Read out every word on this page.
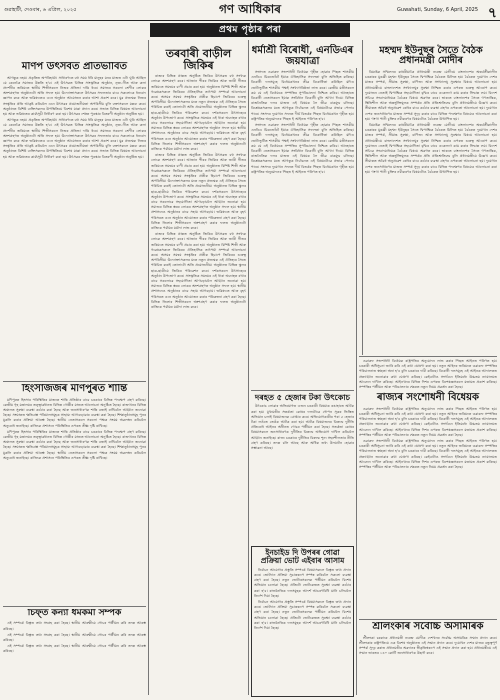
গুৱাহাটী, দেওবাৰ, ৬ এপ্ৰিল, ২০২৫	গণ আধিকাৰ	Guwahati, Sunday, 6 April, 2025 ৭
প্ৰথম পৃষ্ঠাৰ পৰা
মণিপ উৎসবত প্ৰতিভাবিত

আগন্তুক নহয়। প্ৰকৃতিত অপৰিহাৰ্য্য। সাধাৰণতে বহু সময় ধৰি মানুহৰ মনৰ মাজত এটা ঘূৰি আছিল যে কেনেকৈ সমাজৰ উন্নতি হ'ব। এই উৎসৱত বিভিন্ন সাংস্কৃতিক অনুষ্ঠান, নৃত্য-গীত আৰু কলা প্ৰদৰ্শনীৰ জৰিয়তে স্থানীয় শিল্পীসকলে নিজৰ প্ৰতিভা দাঙি ধৰে। সমাজৰ সকলো শ্ৰেণীৰ লোকৰ অংশগ্ৰহণত অনুষ্ঠানটো অতি সফল হয়। উদ্যোক্তাসকলে উৎসৱৰ সফলতাৰ বাবে সকলোকে ধন্যবাদ জ্ঞাপন কৰে আৰু ভৱিষ্যতেও এনে অনুষ্ঠান আয়োজন কৰাৰ আশা প্ৰকাশ কৰে। যুৱ প্ৰজন্মক নিজৰ সংস্কৃতিৰ প্ৰতি আকৃষ্ট কৰিবলৈ এনে উৎসৱৰ প্ৰয়োজনীয়তা অপৰিসীম বুলি বক্তাসকলে মন্তব্য কৰে। অনুষ্ঠানত বিশিষ্ট ব্যক্তিসকলৰ উপস্থিতিয়ে বিশেষ মাত্ৰা প্ৰদান কৰে। সভাত বিভিন্ন বিষয়ত আলোচনা হয় আৰু ভৱিষ্যতৰ কাৰ্য্যসূচী নিৰ্ধাৰণ কৰা হয়। উৎসৱৰ শেষত পুৰস্কাৰ বিতৰণী অনুষ্ঠান অনুষ্ঠিত হয়।

আগন্তুক নহয়। প্ৰকৃতিত অপৰিহাৰ্য্য। সাধাৰণতে বহু সময় ধৰি মানুহৰ মনৰ মাজত এটা ঘূৰি আছিল যে কেনেকৈ সমাজৰ উন্নতি হ'ব। এই উৎসৱত বিভিন্ন সাংস্কৃতিক অনুষ্ঠান, নৃত্য-গীত আৰু কলা প্ৰদৰ্শনীৰ জৰিয়তে স্থানীয় শিল্পীসকলে নিজৰ প্ৰতিভা দাঙি ধৰে। সমাজৰ সকলো শ্ৰেণীৰ লোকৰ অংশগ্ৰহণত অনুষ্ঠানটো অতি সফল হয়। উদ্যোক্তাসকলে উৎসৱৰ সফলতাৰ বাবে সকলোকে ধন্যবাদ জ্ঞাপন কৰে আৰু ভৱিষ্যতেও এনে অনুষ্ঠান আয়োজন কৰাৰ আশা প্ৰকাশ কৰে। যুৱ প্ৰজন্মক নিজৰ সংস্কৃতিৰ প্ৰতি আকৃষ্ট কৰিবলৈ এনে উৎসৱৰ প্ৰয়োজনীয়তা অপৰিসীম বুলি বক্তাসকলে মন্তব্য কৰে। অনুষ্ঠানত বিশিষ্ট ব্যক্তিসকলৰ উপস্থিতিয়ে বিশেষ মাত্ৰা প্ৰদান কৰে। সভাত বিভিন্ন বিষয়ত আলোচনা হয় আৰু ভৱিষ্যতৰ কাৰ্য্যসূচী নিৰ্ধাৰণ কৰা হয়। উৎসৱৰ শেষত পুৰস্কাৰ বিতৰণী অনুষ্ঠান অনুষ্ঠিত হয়।

হিংসাজৰ্জৰ মণিপুৰত শান্তি

মণিপুৰত হিংসাৰ পৰিস্থিতিৰ মাজতে শান্তি প্ৰতিষ্ঠাৰ বাবে চৰকাৰে বিভিন্ন পদক্ষেপ গ্ৰহণ কৰিছে। কেন্দ্ৰীয় গৃহ মন্ত্ৰালয়ৰ তত্ত্বাৱধানত বিভিন্ন গোষ্ঠীৰ মাজত আলোচনা অনুষ্ঠিত হৈছে। ৰাজ্যখনৰ বিভিন্ন অঞ্চলত সুৰক্ষা ব্যৱস্থা কঠোৰ কৰা হৈছে আৰু জনসাধাৰণক শান্তি বজাই ৰাখিবলৈ আহ্বান জনোৱা হৈছে। সংঘাতত ক্ষতিগ্ৰস্ত পৰিয়ালসমূহক সাহায্য আগবঢ়োৱাৰ ব্যৱস্থা কৰা হৈছে। শিক্ষানুষ্ঠানসমূহ পুনৰ মুকলি কৰাৰ প্ৰক্ৰিয়া আৰম্ভ হৈছে। স্থানীয় নেতাসকলে সকলো পক্ষক সংযম অৱলম্বন কৰিবলৈ অনুৰোধ জনাইছে। ৰাজ্যিক প্ৰশাসনে পৰিস্থিতিৰ ওপৰত তীক্ষ্ণ দৃষ্টি ৰাখিছে।

মণিপুৰত হিংসাৰ পৰিস্থিতিৰ মাজতে শান্তি প্ৰতিষ্ঠাৰ বাবে চৰকাৰে বিভিন্ন পদক্ষেপ গ্ৰহণ কৰিছে। কেন্দ্ৰীয় গৃহ মন্ত্ৰালয়ৰ তত্ত্বাৱধানত বিভিন্ন গোষ্ঠীৰ মাজত আলোচনা অনুষ্ঠিত হৈছে। ৰাজ্যখনৰ বিভিন্ন অঞ্চলত সুৰক্ষা ব্যৱস্থা কঠোৰ কৰা হৈছে আৰু জনসাধাৰণক শান্তি বজাই ৰাখিবলৈ আহ্বান জনোৱা হৈছে। সংঘাতত ক্ষতিগ্ৰস্ত পৰিয়ালসমূহক সাহায্য আগবঢ়োৱাৰ ব্যৱস্থা কৰা হৈছে। শিক্ষানুষ্ঠানসমূহ পুনৰ মুকলি কৰাৰ প্ৰক্ৰিয়া আৰম্ভ হৈছে। স্থানীয় নেতাসকলে সকলো পক্ষক সংযম অৱলম্বন কৰিবলৈ অনুৰোধ জনাইছে। ৰাজ্যিক প্ৰশাসনে পৰিস্থিতিৰ ওপৰত তীক্ষ্ণ দৃষ্টি ৰাখিছে।

চিফ্‌ত কন্যা ধৰ্মকৰ্মী সম্পৰ্ক

এই সম্পৰ্কে বিস্তৃত তথ্য সংগ্ৰহ কৰা হৈছে। স্থানীয় আৰক্ষীয়ে গোচৰ পঞ্জীয়ন কৰি তদন্ত আৰম্ভ কৰিছে।

এই সম্পৰ্কে বিস্তৃত তথ্য সংগ্ৰহ কৰা হৈছে। স্থানীয় আৰক্ষীয়ে গোচৰ পঞ্জীয়ন কৰি তদন্ত আৰম্ভ কৰিছে।

এই সম্পৰ্কে বিস্তৃত তথ্য সংগ্ৰহ কৰা হৈছে। স্থানীয় আৰক্ষীয়ে গোচৰ পঞ্জীয়ন কৰি তদন্ত আৰম্ভ কৰিছে।

তৰবাৰী বাড়ীল জিকিৰ

ৰাজ্যৰ বিভিন্ন প্ৰান্তত অনুষ্ঠিত জিকিৰ উৎসৱত বহু সংখ্যক লোকে অংশগ্ৰহণ কৰে। আজান পীৰৰ জিকিৰ আৰু জাৰী গীতৰ জৰিয়তে সমন্বয়ৰ বাণী প্ৰচাৰ কৰা হয়। অনুষ্ঠানত বিশিষ্ট শিল্পী আৰু গৱেষকসকলে জিকিৰৰ ঐতিহাসিক তাৎপৰ্য্য সম্পৰ্কে আলোচনা কৰে। অসমৰ সমন্বয় সংস্কৃতিৰ প্ৰতীক হিচাপে জিকিৰৰ গুৰুত্ব অপৰিসীম। উদ্যোক্তাসকলৰ মতে নতুন প্ৰজন্মক এই ঐতিহ্যৰ সৈতে পৰিচিত কৰাই তোলাটো অতি প্ৰয়োজনীয়। অনুষ্ঠানত বিভিন্ন স্কুলৰ ছাত্ৰ-ছাত্ৰীয়ে জিকিৰ পৰিৱেশন কৰে। দৰ্শকসকলে উৎসাহেৰে অনুষ্ঠান উপভোগ কৰে। সাংস্কৃতিক সমন্বয়ৰ এই ধাৰা অব্যাহত ৰখাৰ বাবে সকলোৱে সহযোগিতা আগবঢ়াবলৈ আহ্বান জনোৱা হয়। সমাজৰ বিভিন্ন স্তৰৰ লোকৰ অংশগ্ৰহণত অনুষ্ঠান সফল হয়। স্থানীয় প্ৰশাসনেও অনুষ্ঠানৰ বাবে সহায় আগবঢ়ায়। ভৱিষ্যতে আৰু বৃহৎ পৰিসৰত এনে অনুষ্ঠান আয়োজন কৰাৰ পৰিকল্পনা গ্ৰহণ কৰা হৈছে। বিভিন্ন জিলাৰ শিল্পীসকলে অংশগ্ৰহণ কৰাৰ ফলত অনুষ্ঠানটো ৰাজ্যিক পৰ্যায়ৰ মৰ্যাদা লাভ কৰে।

ৰাজ্যৰ বিভিন্ন প্ৰান্তত অনুষ্ঠিত জিকিৰ উৎসৱত বহু সংখ্যক লোকে অংশগ্ৰহণ কৰে। আজান পীৰৰ জিকিৰ আৰু জাৰী গীতৰ জৰিয়তে সমন্বয়ৰ বাণী প্ৰচাৰ কৰা হয়। অনুষ্ঠানত বিশিষ্ট শিল্পী আৰু গৱেষকসকলে জিকিৰৰ ঐতিহাসিক তাৎপৰ্য্য সম্পৰ্কে আলোচনা কৰে। অসমৰ সমন্বয় সংস্কৃতিৰ প্ৰতীক হিচাপে জিকিৰৰ গুৰুত্ব অপৰিসীম। উদ্যোক্তাসকলৰ মতে নতুন প্ৰজন্মক এই ঐতিহ্যৰ সৈতে পৰিচিত কৰাই তোলাটো অতি প্ৰয়োজনীয়। অনুষ্ঠানত বিভিন্ন স্কুলৰ ছাত্ৰ-ছাত্ৰীয়ে জিকিৰ পৰিৱেশন কৰে। দৰ্শকসকলে উৎসাহেৰে অনুষ্ঠান উপভোগ কৰে। সাংস্কৃতিক সমন্বয়ৰ এই ধাৰা অব্যাহত ৰখাৰ বাবে সকলোৱে সহযোগিতা আগবঢ়াবলৈ আহ্বান জনোৱা হয়। সমাজৰ বিভিন্ন স্তৰৰ লোকৰ অংশগ্ৰহণত অনুষ্ঠান সফল হয়। স্থানীয় প্ৰশাসনেও অনুষ্ঠানৰ বাবে সহায় আগবঢ়ায়। ভৱিষ্যতে আৰু বৃহৎ পৰিসৰত এনে অনুষ্ঠান আয়োজন কৰাৰ পৰিকল্পনা গ্ৰহণ কৰা হৈছে। বিভিন্ন জিলাৰ শিল্পীসকলে অংশগ্ৰহণ কৰাৰ ফলত অনুষ্ঠানটো ৰাজ্যিক পৰ্যায়ৰ মৰ্যাদা লাভ কৰে।

ৰাজ্যৰ বিভিন্ন প্ৰান্তত অনুষ্ঠিত জিকিৰ উৎসৱত বহু সংখ্যক লোকে অংশগ্ৰহণ কৰে। আজান পীৰৰ জিকিৰ আৰু জাৰী গীতৰ জৰিয়তে সমন্বয়ৰ বাণী প্ৰচাৰ কৰা হয়। অনুষ্ঠানত বিশিষ্ট শিল্পী আৰু গৱেষকসকলে জিকিৰৰ ঐতিহাসিক তাৎপৰ্য্য সম্পৰ্কে আলোচনা কৰে। অসমৰ সমন্বয় সংস্কৃতিৰ প্ৰতীক হিচাপে জিকিৰৰ গুৰুত্ব অপৰিসীম। উদ্যোক্তাসকলৰ মতে নতুন প্ৰজন্মক এই ঐতিহ্যৰ সৈতে পৰিচিত কৰাই তোলাটো অতি প্ৰয়োজনীয়। অনুষ্ঠানত বিভিন্ন স্কুলৰ ছাত্ৰ-ছাত্ৰীয়ে জিকিৰ পৰিৱেশন কৰে। দৰ্শকসকলে উৎসাহেৰে অনুষ্ঠান উপভোগ কৰে। সাংস্কৃতিক সমন্বয়ৰ এই ধাৰা অব্যাহত ৰখাৰ বাবে সকলোৱে সহযোগিতা আগবঢ়াবলৈ আহ্বান জনোৱা হয়। সমাজৰ বিভিন্ন স্তৰৰ লোকৰ অংশগ্ৰহণত অনুষ্ঠান সফল হয়। স্থানীয় প্ৰশাসনেও অনুষ্ঠানৰ বাবে সহায় আগবঢ়ায়। ভৱিষ্যতে আৰু বৃহৎ পৰিসৰত এনে অনুষ্ঠান আয়োজন কৰাৰ পৰিকল্পনা গ্ৰহণ কৰা হৈছে। বিভিন্ন জিলাৰ শিল্পীসকলে অংশগ্ৰহণ কৰাৰ ফলত অনুষ্ঠানটো ৰাজ্যিক পৰ্যায়ৰ মৰ্যাদা লাভ কৰে।

ধৰ্মাশ্ৰী বিৰোধী, এনডিএৰ জয়যাত্ৰা

সংসদত ওৱাকফ সংশোধনী বিধেয়ক গৃহীত হোৱাৰ পিছত শাসকীয় এনডিএ মিত্ৰজোঁটে ইয়াক ঐতিহাসিক সফলতা বুলি অভিহিত কৰিছে। বিৰোধী দলসমূহে বিধেয়কখনৰ তীব্ৰ বিৰোধিতা কৰিছিল যদিও ভোটাভুটিত শাসকীয় পক্ষই সংখ্যাগৰিষ্ঠতা লাভ কৰে। কেন্দ্ৰীয় মন্ত্ৰীসকলে কয় যে এই বিধেয়কে সম্পত্তিৰ সুপৰিচালনা নিশ্চিত কৰিব। আনহাতে বিৰোধী নেতাসকলে ইয়াক সংবিধান বিৰোধী বুলি আখ্যা দিয়ে। বিভিন্ন ৰাজনৈতিক দলৰ মাজত এই বিষয়ক লৈ তীব্ৰ বাকযুদ্ধ চলিছে। বিশ্লেষকসকলৰ মতে আগন্তুক নিৰ্বাচনত এই বিষয়টোৱে প্ৰভাৱ পেলাব পাৰে। সংসদৰ দুয়োখন সদনত দীৰ্ঘ বিতৰ্কৰ পিছত বিধেয়কখন গৃহীত হয়। ৰাষ্ট্ৰপতিৰ অনুমোদনৰ পিছত ই আইনত পৰিণত হ'ব।

সংসদত ওৱাকফ সংশোধনী বিধেয়ক গৃহীত হোৱাৰ পিছত শাসকীয় এনডিএ মিত্ৰজোঁটে ইয়াক ঐতিহাসিক সফলতা বুলি অভিহিত কৰিছে। বিৰোধী দলসমূহে বিধেয়কখনৰ তীব্ৰ বিৰোধিতা কৰিছিল যদিও ভোটাভুটিত শাসকীয় পক্ষই সংখ্যাগৰিষ্ঠতা লাভ কৰে। কেন্দ্ৰীয় মন্ত্ৰীসকলে কয় যে এই বিধেয়কে সম্পত্তিৰ সুপৰিচালনা নিশ্চিত কৰিব। আনহাতে বিৰোধী নেতাসকলে ইয়াক সংবিধান বিৰোধী বুলি আখ্যা দিয়ে। বিভিন্ন ৰাজনৈতিক দলৰ মাজত এই বিষয়ক লৈ তীব্ৰ বাকযুদ্ধ চলিছে। বিশ্লেষকসকলৰ মতে আগন্তুক নিৰ্বাচনত এই বিষয়টোৱে প্ৰভাৱ পেলাব পাৰে। সংসদৰ দুয়োখন সদনত দীৰ্ঘ বিতৰ্কৰ পিছত বিধেয়কখন গৃহীত হয়। ৰাষ্ট্ৰপতিৰ অনুমোদনৰ পিছত ই আইনত পৰিণত হ'ব।

দৰহত ৫ হেজাৰ টকা উৎকোচ

উৎকোচ লোৱাৰ অভিযোগত এজন চৰকাৰী বিষয়াক ৰঙাহাতে আটক কৰা হয়। মুখ্যমন্ত্ৰীৰ সতৰ্কতা কোষৰ দলটোৱে গোপন সূত্ৰৰ ভিত্তিত অভিযান চলাই বিষয়াজনক গ্ৰেপ্তাৰ কৰে। অভিযোগকাৰীৰ পৰা ৫ হেজাৰ টকা লওঁতে তেওঁক আটক কৰা হয়। আটক বিষয়াজনৰ বিৰুদ্ধে দুৰ্নীতি প্ৰতিৰোধ আইনৰ অধীনত গোচৰ পঞ্জীয়ন কৰা হৈছে। সতৰ্কতা কোষৰ বিষয়াসকলে জনসাধাৰণক দুৰ্নীতিৰ বিৰুদ্ধে অভিযোগ দাখিল কৰিবলৈ আহ্বান জনাইছে। ৰাজ্য চৰকাৰে দুৰ্নীতিৰ বিৰুদ্ধে শূন্য সহনশীলতাৰ নীতি গ্ৰহণ কৰিছে। তদন্ত চলি আছে আৰু অধিক তথ্য উদঘাটন হোৱাৰ সম্ভাৱনা আছে।

ইনচাইড দি উপৰৰ গোৱা প্ৰক্ৰিয়া ভোট এইবাৰ আসাম

নিৰ্বাচন আয়োগৰ প্ৰস্তুতি সম্পৰ্কে বিষয়াসকলে বিস্তৃত তথ্য প্ৰদান কৰে। ভোটদান প্ৰক্ৰিয়া সুচাৰুৰূপে সম্পন্ন কৰিবলৈ সকলো ব্যৱস্থা গ্ৰহণ কৰা হৈছে। নতুন ভোটাৰসকলক পঞ্জীয়ন কৰিবলৈ বিশেষ অভিযান চলোৱা হৈছে। প্ৰতিটো ভোটকেন্দ্ৰত সুৰক্ষা ব্যৱস্থা কঠোৰ কৰা হ'ব। ৰাজনৈতিক দলসমূহক আদৰ্শ আচৰণবিধি মানি চলিবলৈ নিৰ্দেশ দিয়া হৈছে।

নিৰ্বাচন আয়োগৰ প্ৰস্তুতি সম্পৰ্কে বিষয়াসকলে বিস্তৃত তথ্য প্ৰদান কৰে। ভোটদান প্ৰক্ৰিয়া সুচাৰুৰূপে সম্পন্ন কৰিবলৈ সকলো ব্যৱস্থা গ্ৰহণ কৰা হৈছে। নতুন ভোটাৰসকলক পঞ্জীয়ন কৰিবলৈ বিশেষ অভিযান চলোৱা হৈছে। প্ৰতিটো ভোটকেন্দ্ৰত সুৰক্ষা ব্যৱস্থা কঠোৰ কৰা হ'ব। ৰাজনৈতিক দলসমূহক আদৰ্শ আচৰণবিধি মানি চলিবলৈ নিৰ্দেশ দিয়া হৈছে।

মহম্মদ ইউনুছৰ সৈতে বৈঠক প্ৰধানমন্ত্ৰী মোদীৰ

বিমষ্টেক সন্মিলনৰ কাষৰীয়াকৈ প্ৰধানমন্ত্ৰী নৰেন্দ্ৰ মোদীয়ে বাংলাদেশৰ অন্তৰ্বৰ্তীকালীন চৰকাৰৰ মুৰব্বী মহম্মদ ইউনুছৰ সৈতে দ্বিপাক্ষিক বৈঠকত মিলিত হয়। বৈঠকত দুয়োখন দেশৰ মাজৰ সম্পৰ্ক, সীমান্ত সুৰক্ষা, বাণিজ্য আৰু সংখ্যালঘু সুৰক্ষাৰ বিষয়ে আলোচনা হয়। প্ৰধানমন্ত্ৰীয়ে বাংলাদেশত সংখ্যালঘুৰ সুৰক্ষা নিশ্চিত কৰাৰ ওপৰত গুৰুত্ব আৰোপ কৰে। দুয়োজন নেতাই দ্বিপাক্ষিক সহযোগিতা বৃদ্ধিৰ বাবে একেলগে কাম কৰাৰ সিদ্ধান্ত লয়। বিদেশ সচিৱে সংবাদমাধ্যমক বৈঠকৰ বিষয়ে অৱগত কৰে। ভাৰতে বাংলাদেশৰ সৈতে গণতান্ত্ৰিক, স্থিতিশীল আৰু অন্তৰ্ভুক্তিমূলক সম্পৰ্কৰ প্ৰতি প্ৰতিশ্ৰুতিবদ্ধ বুলি প্ৰধানমন্ত্ৰীয়ে উল্লেখ কৰে। সীমান্তত অবৈধ অনুপ্ৰৱেশ ৰোধৰ বাবে কঠোৰ ব্যৱস্থা গ্ৰহণৰ ওপৰতো আলোচনা হয়। দুয়োখন দেশৰ জনসাধাৰণৰ মাজত সম্পৰ্ক সুদৃঢ় কৰাৰ বাবে বিভিন্ন পদক্ষেপৰ বিষয়েও আলোচনা কৰা হয়। গংগা পানী চুক্তিৰ নবীকৰণৰ বিষয়টোও বৈঠকত উত্থাপিত হয়।

বিমষ্টেক সন্মিলনৰ কাষৰীয়াকৈ প্ৰধানমন্ত্ৰী নৰেন্দ্ৰ মোদীয়ে বাংলাদেশৰ অন্তৰ্বৰ্তীকালীন চৰকাৰৰ মুৰব্বী মহম্মদ ইউনুছৰ সৈতে দ্বিপাক্ষিক বৈঠকত মিলিত হয়। বৈঠকত দুয়োখন দেশৰ মাজৰ সম্পৰ্ক, সীমান্ত সুৰক্ষা, বাণিজ্য আৰু সংখ্যালঘু সুৰক্ষাৰ বিষয়ে আলোচনা হয়। প্ৰধানমন্ত্ৰীয়ে বাংলাদেশত সংখ্যালঘুৰ সুৰক্ষা নিশ্চিত কৰাৰ ওপৰত গুৰুত্ব আৰোপ কৰে। দুয়োজন নেতাই দ্বিপাক্ষিক সহযোগিতা বৃদ্ধিৰ বাবে একেলগে কাম কৰাৰ সিদ্ধান্ত লয়। বিদেশ সচিৱে সংবাদমাধ্যমক বৈঠকৰ বিষয়ে অৱগত কৰে। ভাৰতে বাংলাদেশৰ সৈতে গণতান্ত্ৰিক, স্থিতিশীল আৰু অন্তৰ্ভুক্তিমূলক সম্পৰ্কৰ প্ৰতি প্ৰতিশ্ৰুতিবদ্ধ বুলি প্ৰধানমন্ত্ৰীয়ে উল্লেখ কৰে। সীমান্তত অবৈধ অনুপ্ৰৱেশ ৰোধৰ বাবে কঠোৰ ব্যৱস্থা গ্ৰহণৰ ওপৰতো আলোচনা হয়। দুয়োখন দেশৰ জনসাধাৰণৰ মাজত সম্পৰ্ক সুদৃঢ় কৰাৰ বাবে বিভিন্ন পদক্ষেপৰ বিষয়েও আলোচনা কৰা হয়। গংগা পানী চুক্তিৰ নবীকৰণৰ বিষয়টোও বৈঠকত উত্থাপিত হয়।

ওৱাকফ সংশোধনী বিধেয়ক ৰাষ্ট্ৰপতিৰ অনুমোদন লাভ কৰাৰ পিছত আইনত পৰিণত হয়। চৰকাৰী অধিসূচনা জাৰি কৰি এই কথা ঘোষণা কৰা হয়। নতুন আইনৰ জৰিয়তে ওৱাকফ সম্পত্তিৰ পৰিচালনাত স্বচ্ছতা অনা হ'ব বুলি চৰকাৰে দাবী কৰিছে। বিৰোধী দলসমূহে এই আইনক আদালতত প্ৰত্যাহ্বান জনোৱাৰ কথা ঘোষণা কৰিছে। কেইবাটাও সংগঠনে ইতিমধ্যে উচ্চতম ন্যায়ালয়ত আবেদন দাখিল কৰিছে। আইনখনৰ বিভিন্ন দিশৰ ওপৰত বিশেষজ্ঞসকলে মতামত প্ৰকাশ কৰিছে। সম্পত্তিৰ পঞ্জীয়ন আৰু পৰিচালনাৰ ক্ষেত্ৰত নতুন নিয়ম প্ৰৱৰ্তন কৰা হৈছে।

ৰাজ্যৰ সংশোধনী বিধেয়ক

ওৱাকফ সংশোধনী বিধেয়ক ৰাষ্ট্ৰপতিৰ অনুমোদন লাভ কৰাৰ পিছত আইনত পৰিণত হয়। চৰকাৰী অধিসূচনা জাৰি কৰি এই কথা ঘোষণা কৰা হয়। নতুন আইনৰ জৰিয়তে ওৱাকফ সম্পত্তিৰ পৰিচালনাত স্বচ্ছতা অনা হ'ব বুলি চৰকাৰে দাবী কৰিছে। বিৰোধী দলসমূহে এই আইনক আদালতত প্ৰত্যাহ্বান জনোৱাৰ কথা ঘোষণা কৰিছে। কেইবাটাও সংগঠনে ইতিমধ্যে উচ্চতম ন্যায়ালয়ত আবেদন দাখিল কৰিছে। আইনখনৰ বিভিন্ন দিশৰ ওপৰত বিশেষজ্ঞসকলে মতামত প্ৰকাশ কৰিছে। সম্পত্তিৰ পঞ্জীয়ন আৰু পৰিচালনাৰ ক্ষেত্ৰত নতুন নিয়ম প্ৰৱৰ্তন কৰা হৈছে।

ওৱাকফ সংশোধনী বিধেয়ক ৰাষ্ট্ৰপতিৰ অনুমোদন লাভ কৰাৰ পিছত আইনত পৰিণত হয়। চৰকাৰী অধিসূচনা জাৰি কৰি এই কথা ঘোষণা কৰা হয়। নতুন আইনৰ জৰিয়তে ওৱাকফ সম্পত্তিৰ পৰিচালনাত স্বচ্ছতা অনা হ'ব বুলি চৰকাৰে দাবী কৰিছে। বিৰোধী দলসমূহে এই আইনক আদালতত প্ৰত্যাহ্বান জনোৱাৰ কথা ঘোষণা কৰিছে। কেইবাটাও সংগঠনে ইতিমধ্যে উচ্চতম ন্যায়ালয়ত আবেদন দাখিল কৰিছে। আইনখনৰ বিভিন্ন দিশৰ ওপৰত বিশেষজ্ঞসকলে মতামত প্ৰকাশ কৰিছে। সম্পত্তিৰ পঞ্জীয়ন আৰু পৰিচালনাৰ ক্ষেত্ৰত নতুন নিয়ম প্ৰৱৰ্তন কৰা হৈছে।

শ্ৰীলংকাৰ সৰ্বোচ্চ অসামৰিক

শ্ৰীলংকা চৰকাৰে প্ৰধানমন্ত্ৰী নৰেন্দ্ৰ মোদীক দেশখনৰ সৰ্বোচ্চ অসামৰিক সন্মান প্ৰদান কৰে। শ্ৰীলংকাৰ ৰাষ্ট্ৰপতিয়ে এক বিশেষ অনুষ্ঠানত এই সন্মান প্ৰদান কৰে। দুয়োখন দেশৰ মাজৰ বন্ধুত্বপূৰ্ণ সম্পৰ্ক সুদৃঢ় কৰাত প্ৰধানমন্ত্ৰীৰ অৱদানৰ স্বীকৃতিস্বৰূপে এই সন্মান প্ৰদান কৰা হয়। প্ৰধানমন্ত্ৰীয়ে এই সন্মান ভাৰতৰ ১৪০ কোটি জনসাধাৰণক উছৰ্গা কৰে।
